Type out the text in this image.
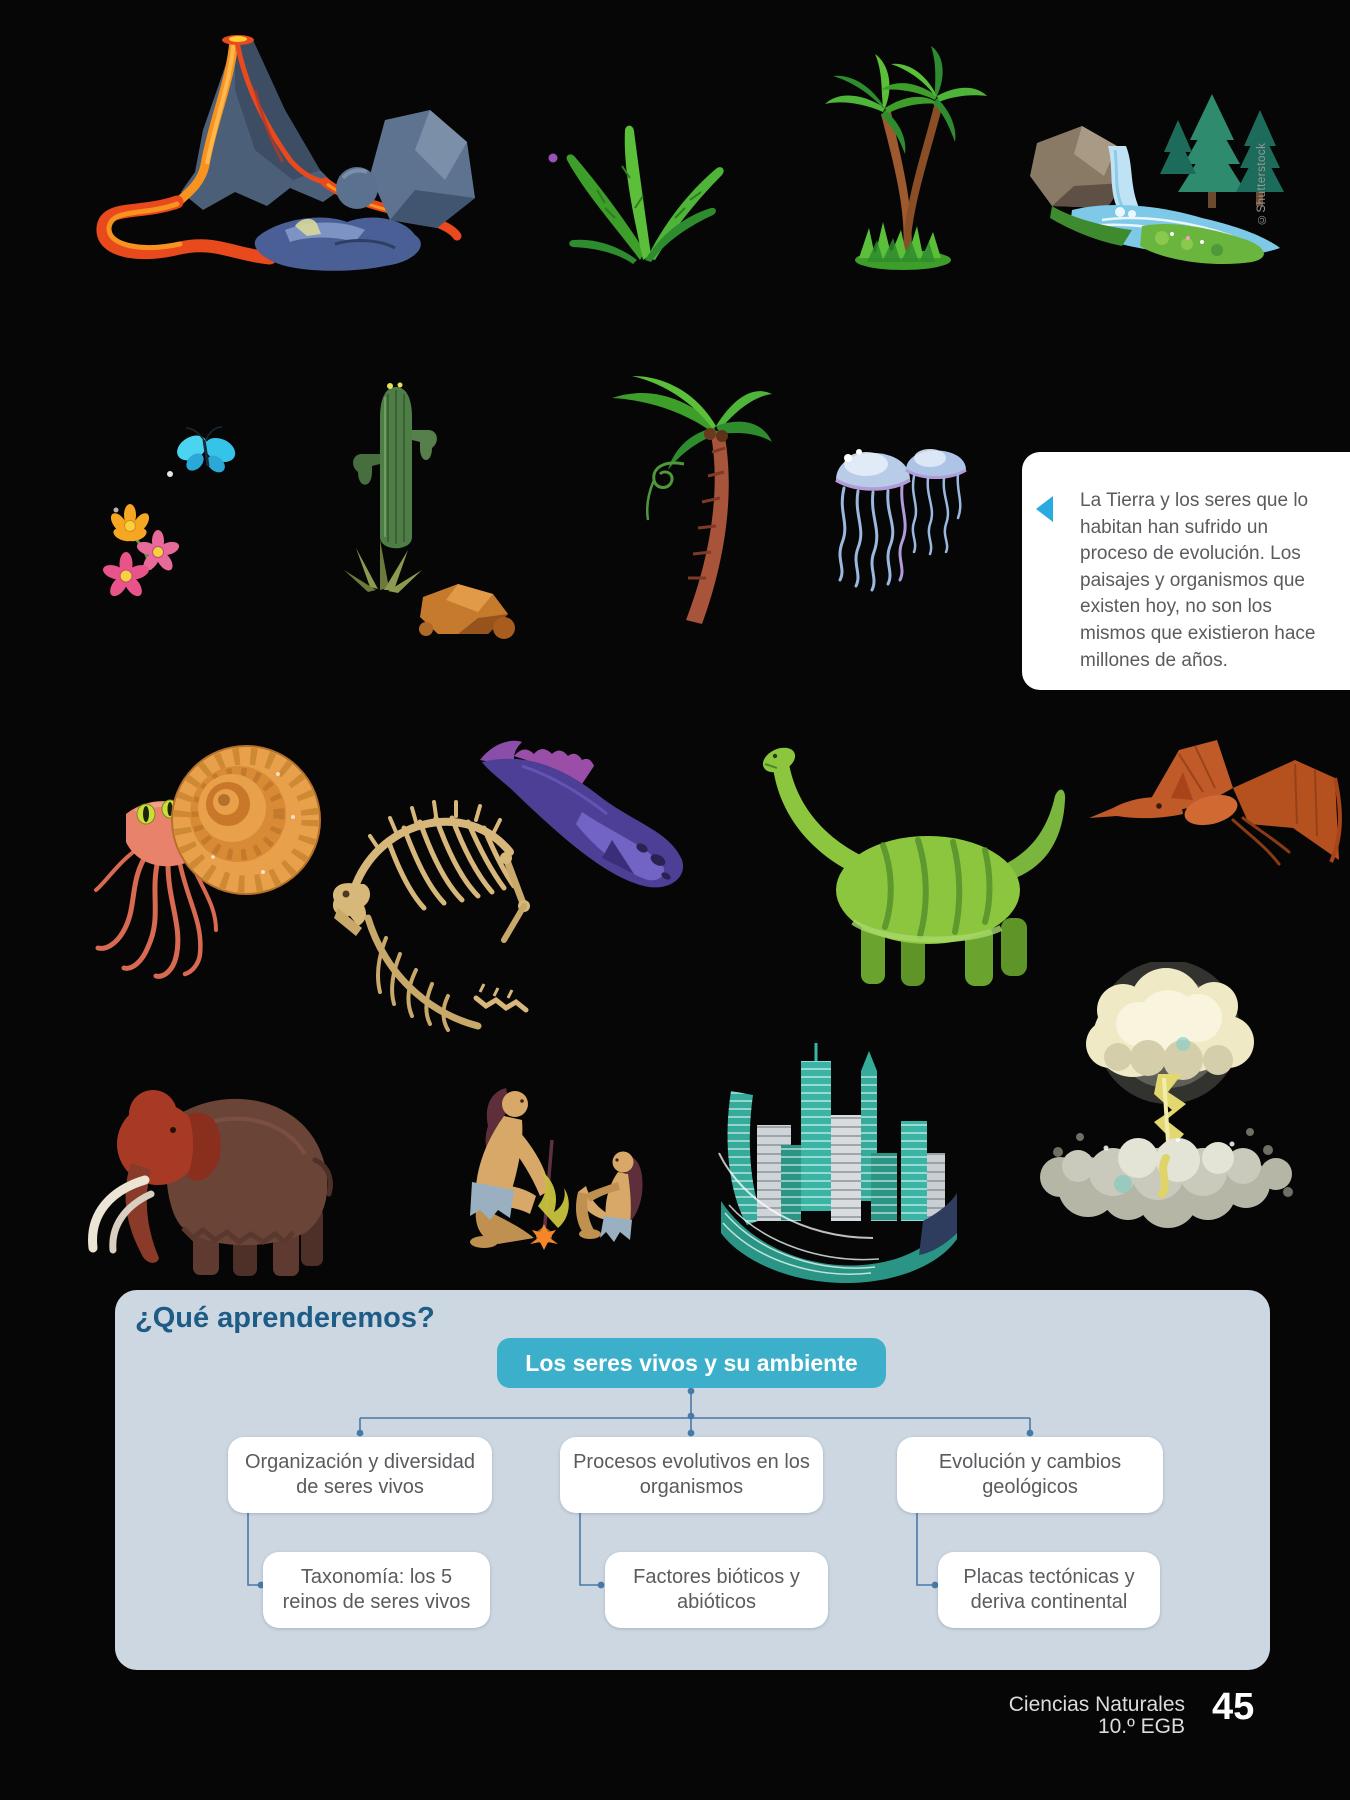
©Shutterstock

La Tierra y los seres que lo habitan han sufrido un proceso de evolución. Los paisajes y organismos que existen hoy, no son los mismos que existieron hace millones de años.

¿Qué aprenderemos?
Los seres vivos y su ambiente
Organización y diversidad de seres vivos
Procesos evolutivos en los organismos
Evolución y cambios geológicos
Taxonomía: los 5 reinos de seres vivos
Factores bióticos y abióticos
Placas tectónicas y deriva continental
Ciencias Naturales
10.º EGB 45
